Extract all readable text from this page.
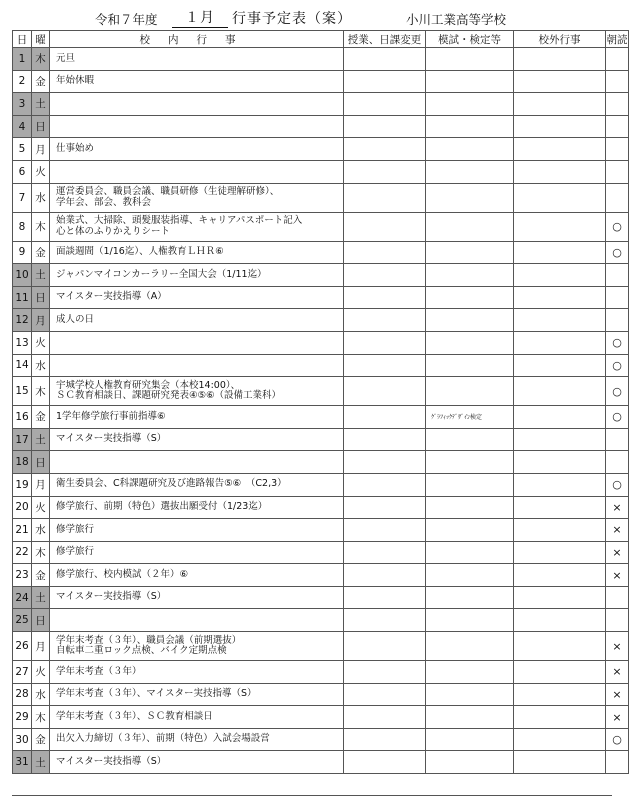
令和７年度	１月	行事予定表（案）	小川工業高等学校
日	曜	校内行事	授業、日課変更	模試・検定等	校外行事	朝読
1	木	元旦				
2	金	年始休暇				
3	土					
4	日					
5	月	仕事始め				
6	火					
7	水	運営委員会、職員会議、職員研修（生徒理解研修）、
学年会、部会、教科会				
8	木	始業式、大掃除、頭髪服装指導、キャリアパスポート記入
心と体のふりかえりシート				○
9	金	面談週間（1/16迄）、人権教育ＬＨＲ⑥				○
10	土	ジャパンマイコンカーラリー全国大会（1/11迄）				
11	日	マイスター実技指導（A）				
12	月	成人の日				
13	火					○
14	水					○
15	木	宇城学校人権教育研究集会（本校14:00）、
ＳＣ教育相談日、課題研究発表④⑤⑥（設備工業科）				○
16	金	1学年修学旅行事前指導⑥		ｸﾞﾗﾌｨｯｸﾃﾞｻﾞｲﾝ検定		○
17	土	マイスター実技指導（S）				
18	日					
19	月	衛生委員会、C科課題研究及び進路報告⑤⑥　（C2,3）				○
20	火	修学旅行、前期（特色）選抜出願受付（1/23迄）				×
21	水	修学旅行				×
22	木	修学旅行				×
23	金	修学旅行、校内模試（２年）⑥				×
24	土	マイスター実技指導（S）				
25	日					
26	月	学年末考査（３年）、職員会議（前期選抜）
自転車二重ロック点検、バイク定期点検				×
27	火	学年末考査（３年）				×
28	水	学年末考査（３年）、マイスター実技指導（S）				×
29	木	学年末考査（３年）、ＳＣ教育相談日				×
30	金	出欠入力締切（３年）、前期（特色）入試会場設営				○
31	土	マイスター実技指導（S）				
